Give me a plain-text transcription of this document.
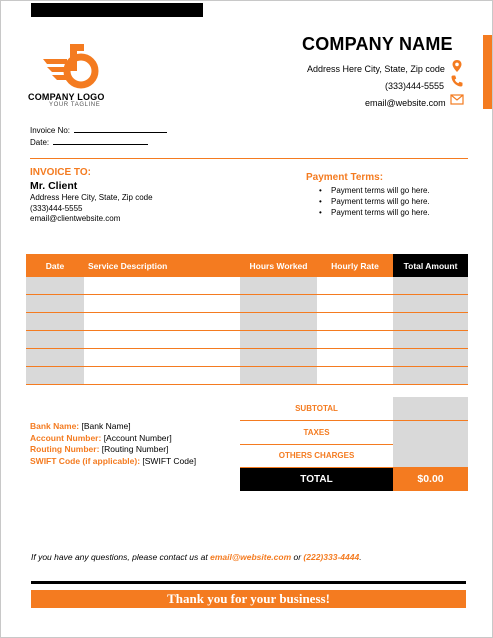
COMPANY LOGO
YOUR TAGLINE
COMPANY NAME
Address Here City, State, Zip code
(333)444-5555
email@website.com
Invoice No:
Date:
INVOICE TO:
Mr. Client
Address Here City, State, Zip code
(333)444-5555
email@clientwebsite.com
Payment Terms:
• Payment terms will go here.
• Payment terms will go here.
• Payment terms will go here.
Date	Service Description	Hours Worked	Hourly Rate	Total Amount

Bank Name: [Bank Name]
Account Number: [Account Number]
Routing Number: [Routing Number]
SWIFT Code (if applicable): [SWIFT Code]
SUBTOTAL
TAXES
OTHERS CHARGES
TOTAL	$0.00
If you have any questions, please contact us at email@website.com or (222)333-4444.
Thank you for your business!
